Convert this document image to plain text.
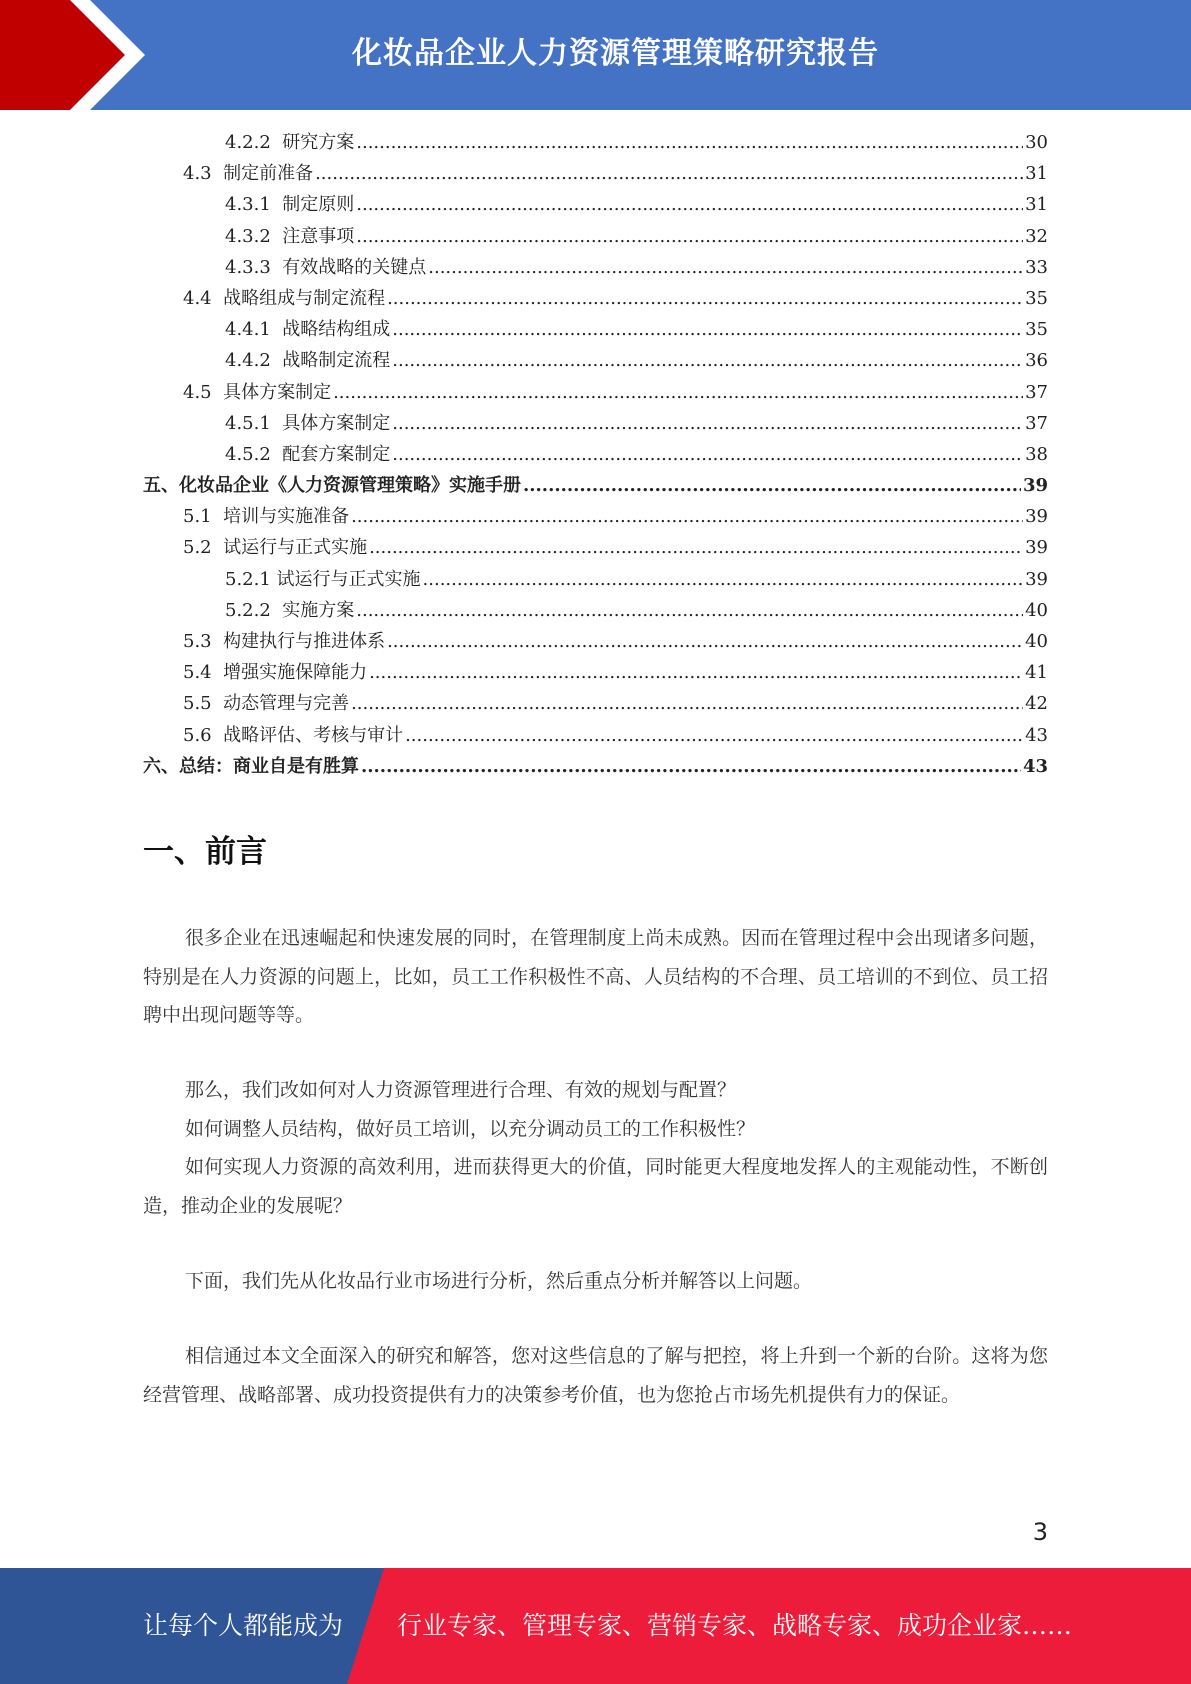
化妆品企业人力资源管理策略研究报告
4.2.2  研究方案 .....	30
4.3  制定前准备 .....	31
4.3.1  制定原则 .....	31
4.3.2  注意事项 .....	32
4.3.3  有效战略的关键点 .....	33
4.4  战略组成与制定流程 .....	35
4.4.1  战略结构组成 .....	35
4.4.2  战略制定流程 .....	36
4.5  具体方案制定 .....	37
4.5.1  具体方案制定 .....	37
4.5.2  配套方案制定 .....	38
五、化妆品企业《人力资源管理策略》实施手册 .....	39
5.1  培训与实施准备 .....	39
5.2  试运行与正式实施 .....	39
5.2.1 试运行与正式实施 .....	39
5.2.2  实施方案 .....	40
5.3  构建执行与推进体系 .....	40
5.4  增强实施保障能力 .....	41
5.5  动态管理与完善 .....	42
5.6  战略评估、考核与审计 .....	43
六、总结：商业自是有胜算 .....	43
一、前言

很多企业在迅速崛起和快速发展的同时，在管理制度上尚未成熟。因而在管理过程中会出现诸多问题，特别是在人力资源的问题上，比如，员工工作积极性不高、人员结构的不合理、员工培训的不到位、员工招聘中出现问题等等。

那么，我们改如何对人力资源管理进行合理、有效的规划与配置？

如何调整人员结构，做好员工培训，以充分调动员工的工作积极性？

如何实现人力资源的高效利用，进而获得更大的价值，同时能更大程度地发挥人的主观能动性，不断创造，推动企业的发展呢？

下面，我们先从化妆品行业市场进行分析，然后重点分析并解答以上问题。

相信通过本文全面深入的研究和解答，您对这些信息的了解与把控，将上升到一个新的台阶。这将为您经营管理、战略部署、成功投资提供有力的决策参考价值，也为您抢占市场先机提供有力的保证。

3
让每个人都能成为 行业专家、管理专家、营销专家、战略专家、成功企业家……
